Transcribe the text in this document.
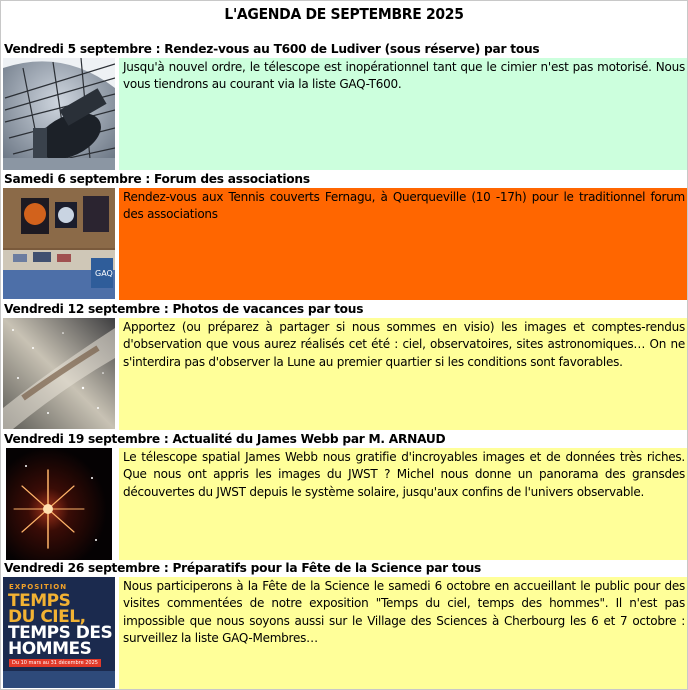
L'AGENDA DE SEPTEMBRE 2025
Vendredi 5 septembre : Rendez-vous au T600 de Ludiver (sous réserve) par tous
Jusqu'à nouvel ordre, le télescope est inopérationnel tant que le cimier n'est pas motorisé. Nous vous tiendrons au courant via la liste GAQ-T600.
Samedi 6 septembre : Forum des associations
GAQ
Rendez-vous aux Tennis couverts Fernagu, à Querqueville (10 -17h) pour le traditionnel forum des associations
Vendredi 12 septembre : Photos de vacances par tous
Apportez (ou préparez à partager si nous sommes en visio) les images et comptes-rendus d'observation que vous aurez réalisés cet été : ciel, observatoires, sites astronomiques… On ne s'interdira pas d'observer la Lune au premier quartier si les conditions sont favorables.
Vendredi 19 septembre : Actualité du James Webb par M. ARNAUD
Le télescope spatial James Webb nous gratifie d'incroyables images et de données très riches. Que nous ont appris les images du JWST ? Michel nous donne un panorama des gransdes découvertes du JWST depuis le système solaire, jusqu'aux confins de l'univers observable.
Vendredi 26 septembre : Préparatifs pour la Fête de la Science par tous
EXPOSITION
TEMPS
DU CIEL,
TEMPS DES
HOMMES
Du 10 mars au 31 décembre 2025
Nous participerons à la Fête de la Science le samedi 6 octobre en accueillant le public pour des visites commentées de notre exposition "Temps du ciel, temps des hommes". Il n'est pas impossible que nous soyons aussi sur le Village des Sciences à Cherbourg les 6 et 7 octobre : surveillez la liste GAQ-Membres…
